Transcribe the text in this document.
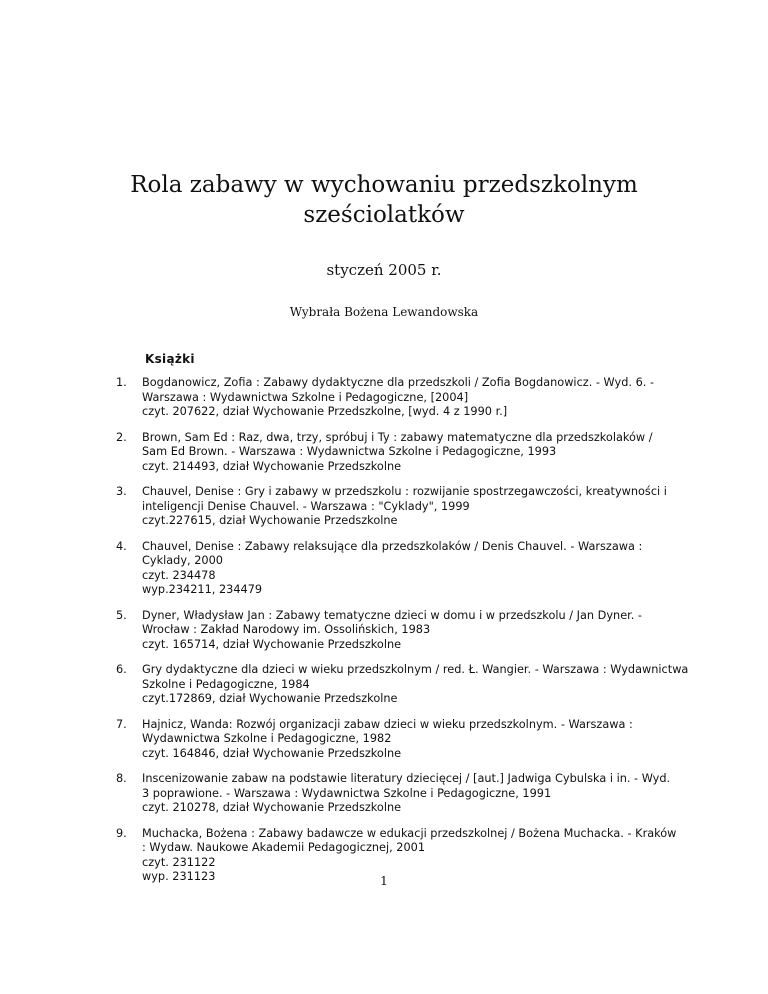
Rola zabawy w wychowaniu przedszkolnym
sześciolatków
styczeń 2005 r.
Wybrała Bożena Lewandowska
Książki
1. Bogdanowicz, Zofia : Zabawy dydaktyczne dla przedszkoli / Zofia Bogdanowicz. - Wyd. 6. -
Warszawa : Wydawnictwa Szkolne i Pedagogiczne, [2004]
czyt. 207622, dział Wychowanie Przedszkolne, [wyd. 4 z 1990 r.]
2. Brown, Sam Ed : Raz, dwa, trzy, spróbuj i Ty : zabawy matematyczne dla przedszkolaków /
Sam Ed Brown. - Warszawa : Wydawnictwa Szkolne i Pedagogiczne, 1993
czyt. 214493, dział Wychowanie Przedszkolne
3. Chauvel, Denise : Gry i zabawy w przedszkolu : rozwijanie spostrzegawczości, kreatywności i
inteligencji Denise Chauvel. - Warszawa : "Cyklady", 1999
czyt.227615, dział Wychowanie Przedszkolne
4. Chauvel, Denise : Zabawy relaksujące dla przedszkolaków / Denis Chauvel. - Warszawa :
Cyklady, 2000
czyt. 234478
wyp.234211, 234479
5. Dyner, Władysław Jan : Zabawy tematyczne dzieci w domu i w przedszkolu / Jan Dyner. -
Wrocław : Zakład Narodowy im. Ossolińskich, 1983
czyt. 165714, dział Wychowanie Przedszkolne
6. Gry dydaktyczne dla dzieci w wieku przedszkolnym / red. Ł. Wangier. - Warszawa : Wydawnictwa
Szkolne i Pedagogiczne, 1984
czyt.172869, dział Wychowanie Przedszkolne
7. Hajnicz, Wanda: Rozwój organizacji zabaw dzieci w wieku przedszkolnym. - Warszawa :
Wydawnictwa Szkolne i Pedagogiczne, 1982
czyt. 164846, dział Wychowanie Przedszkolne
8. Inscenizowanie zabaw na podstawie literatury dziecięcej / [aut.] Jadwiga Cybulska i in. - Wyd.
3 poprawione. - Warszawa : Wydawnictwa Szkolne i Pedagogiczne, 1991
czyt. 210278, dział Wychowanie Przedszkolne
9. Muchacka, Bożena : Zabawy badawcze w edukacji przedszkolnej / Bożena Muchacka. - Kraków
: Wydaw. Naukowe Akademii Pedagogicznej, 2001
czyt. 231122
wyp. 231123	1
